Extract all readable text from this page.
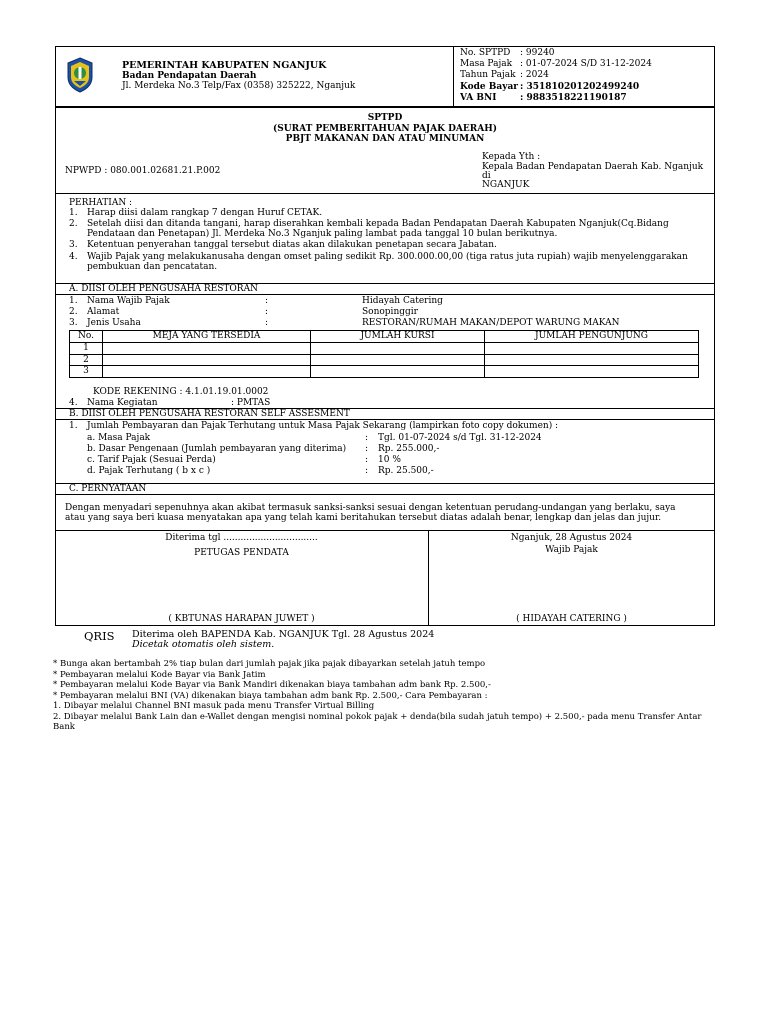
PEMERINTAH KABUPATEN NGANJUK
Badan Pendapatan Daerah
Jl. Merdeka No.3 Telp/Fax (0358) 325222, Nganjuk
No. SPTPD : 99240
Masa Pajak : 01-07-2024 S/D 31-12-2024
Tahun Pajak : 2024
Kode Bayar : 351810201202499240
VA BNI	: 9883518221190187
SPTPD
(SURAT PEMBERITAHUAN PAJAK DAERAH)
PBJT MAKANAN DAN ATAU MINUMAN
NPWPD : 080.001.02681.21.P.002
Kepada Yth :
Kepala Badan Pendapatan Daerah Kab. Nganjuk
di
NGANJUK
PERHATIAN :
1. Harap diisi dalam rangkap 7 dengan Huruf CETAK.
2. Setelah diisi dan ditanda tangani, harap diserahkan kembali kepada Badan Pendapatan Daerah Kabupaten Nganjuk(Cq.Bidang
Pendataan dan Penetapan) Jl. Merdeka No.3 Nganjuk paling lambat pada tanggal 10 bulan berikutnya.
3. Ketentuan penyerahan tanggal tersebut diatas akan dilakukan penetapan secara Jabatan.
4. Wajib Pajak yang melakukanusaha dengan omset paling sedikit Rp. 300.000.00,00 (tiga ratus juta rupiah) wajib menyelenggarakan
pembukuan dan pencatatan.
A. DIISI OLEH PENGUSAHA RESTORAN
1. Nama Wajib Pajak	:	Hidayah Catering
2. Alamat	:	Sonopinggir
3. Jenis Usaha	:	RESTORAN/RUMAH MAKAN/DEPOT WARUNG MAKAN
No.	MEJA YANG TERSEDIA	JUMLAH KURSI	JUMLAH PENGUNJUNG
1			
2			
3			
KODE REKENING : 4.1.01.19.01.0002
4. Nama Kegiatan	: PMTAS
B. DIISI OLEH PENGUSAHA RESTORAN SELF ASSESMENT
1. Jumlah Pembayaran dan Pajak Terhutang untuk Masa Pajak Sekarang (lampirkan foto copy dokumen) :
a. Masa Pajak	: Tgl. 01-07-2024 s/d Tgl. 31-12-2024
b. Dasar Pengenaan (Jumlah pembayaran yang diterima) : Rp. 255.000,-
c. Tarif Pajak (Sesuai Perda)	: 10 %
d. Pajak Terhutang ( b x c )	: Rp. 25.500,-
C. PERNYATAAN
Dengan menyadari sepenuhnya akan akibat termasuk sanksi-sanksi sesuai dengan ketentuan perudang-undangan yang berlaku, saya
atau yang saya beri kuasa menyatakan apa yang telah kami beritahukan tersebut diatas adalah benar, lengkap dan jelas dan jujur.
Diterima tgl .................................
PETUGAS PENDATA
( KBTUNAS HARAPAN JUWET )
Nganjuk, 28 Agustus 2024
Wajib Pajak
( HIDAYAH CATERING )
QRIS Diterima oleh BAPENDA Kab. NGANJUK Tgl. 28 Agustus 2024
Dicetak otomatis oleh sistem.
* Bunga akan bertambah 2% tiap bulan dari jumlah pajak jika pajak dibayarkan setelah jatuh tempo
* Pembayaran melalui Kode Bayar via Bank Jatim
* Pembayaran melalui Kode Bayar via Bank Mandiri dikenakan biaya tambahan adm bank Rp. 2.500,-
* Pembayaran melalui BNI (VA) dikenakan biaya tambahan adm bank Rp. 2.500,- Cara Pembayaran :
1. Dibayar melalui Channel BNI masuk pada menu Transfer Virtual Billing
2. Dibayar melalui Bank Lain dan e-Wallet dengan mengisi nominal pokok pajak + denda(bila sudah jatuh tempo) + 2.500,- pada menu Transfer Antar
Bank
